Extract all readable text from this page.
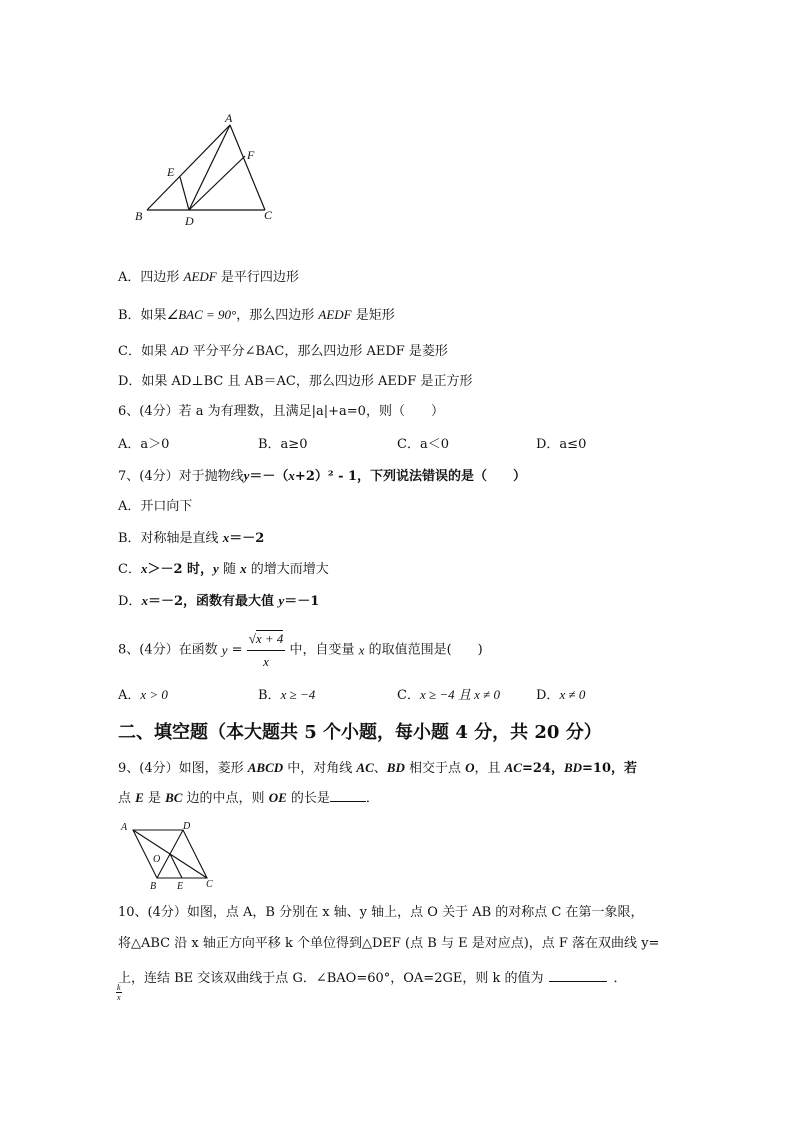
A
F
E
B	D	C
A．四边形 AEDF 是平行四边形
B．如果∠BAC = 90°，那么四边形 AEDF 是矩形
C．如果 AD 平分平分∠BAC，那么四边形 AEDF 是菱形
D．如果 AD⊥BC 且 AB＝AC，那么四边形 AEDF 是正方形
6、(4分）若 a 为有理数，且满足|a|+a=0，则（　　）
A．a＞0	B．a≥0	C．a＜0	D．a≤0
7、(4分）对于抛物线y＝－（x+2）² - 1，下列说法错误的是（　　）
A．开口向下
B．对称轴是直线 x＝－2
C．x＞－2 时，y 随 x 的增大而增大
D．x＝－2，函数有最大值 y＝－1
8、(4分）在函数 $y = \frac{√x + 4}{x}$ 中，自变量 x 的取值范围是(　　)
A．x > 0	B．x ≥ −4	C．x ≥ −4 且 x ≠ 0	D．x ≠ 0
二、填空题（本大题共 5 个小题，每小题 4 分，共 20 分）
9、(4分）如图，菱形 ABCD 中，对角线 AC、BD 相交于点 O，且 AC=24，BD=10，若
点 E 是 BC 边的中点，则 OE 的长是	．
A	D
O
B E C
10、(4分）如图，点 A，B 分别在 x 轴、y 轴上，点 O 关于 AB 的对称点 C 在第一象限，
将△ABC 沿 x 轴正方向平移 k 个单位得到△DEF (点 B 与 E 是对应点)，点 F 落在双曲线 y=
上，连结 BE 交该双曲线于点 G．∠BAO=60°，OA=2GE，则 k 的值为	．
k
x
